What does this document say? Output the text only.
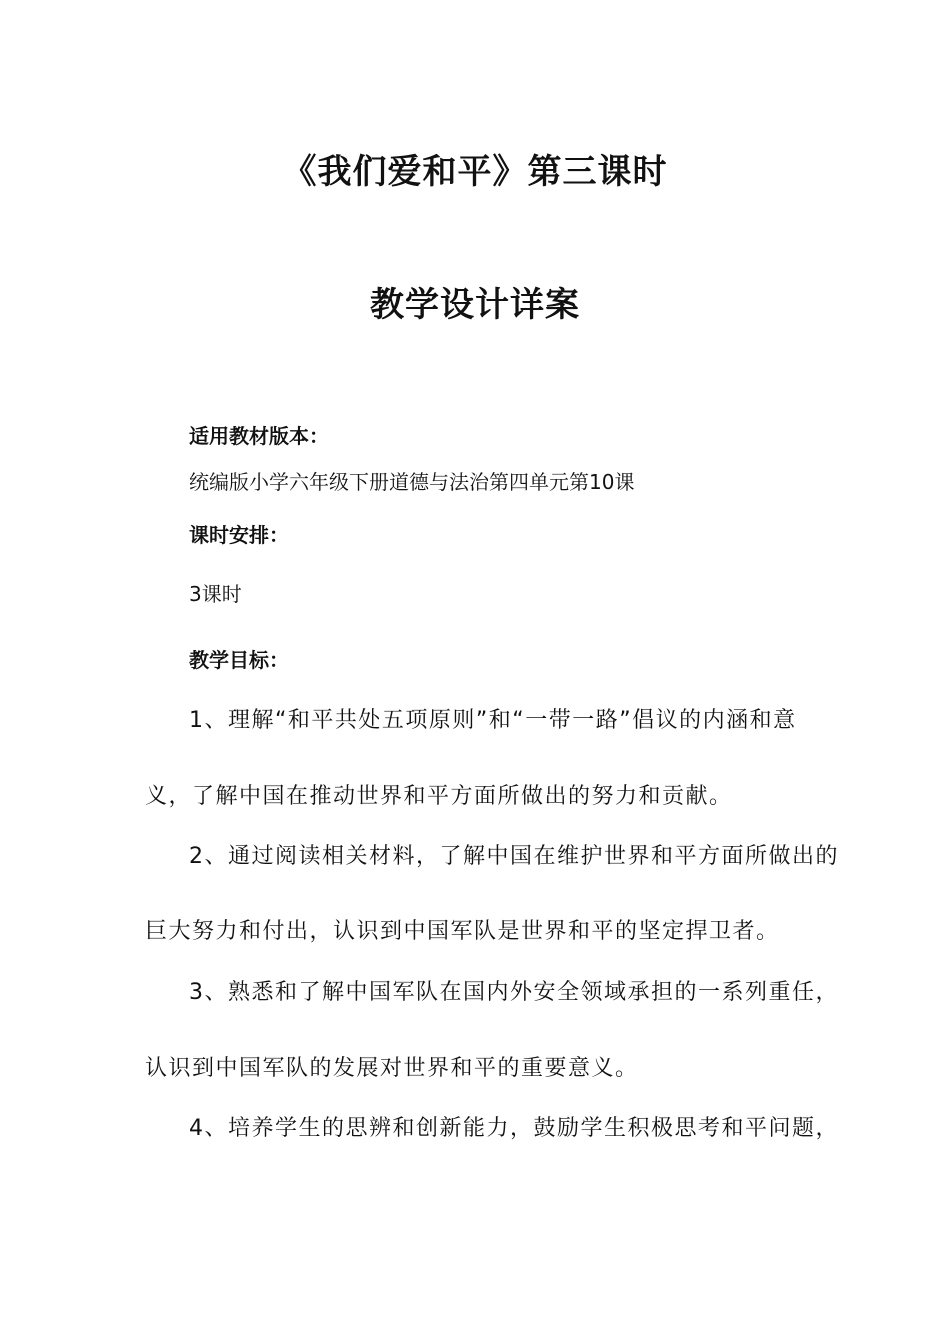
《我们爱和平》第三课时
教学设计详案
适用教材版本：
统编版小学六年级下册道德与法治第四单元第10课
课时安排：
3课时
教学目标：
1、理解“和平共处五项原则”和“一带一路”倡议的内涵和意
义，了解中国在推动世界和平方面所做出的努力和贡献。
2、通过阅读相关材料，了解中国在维护世界和平方面所做出的
巨大努力和付出，认识到中国军队是世界和平的坚定捍卫者。
3、熟悉和了解中国军队在国内外安全领域承担的一系列重任，
认识到中国军队的发展对世界和平的重要意义。
4、培养学生的思辨和创新能力，鼓励学生积极思考和平问题，
